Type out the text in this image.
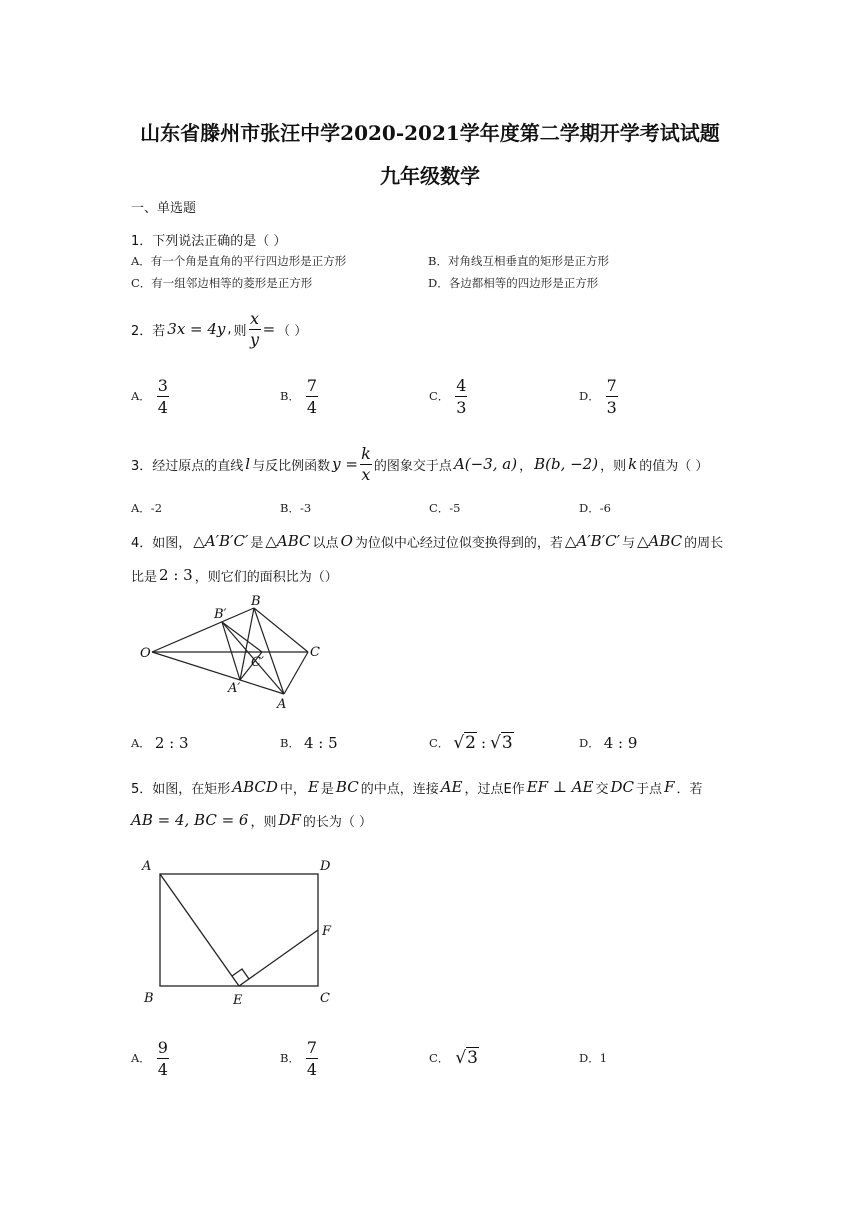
山东省滕州市张汪中学2020-2021学年度第二学期开学考试试题
九年级数学
一、单选题
1．下列说法正确的是（ ）
A．有一个角是直角的平行四边形是正方形	B．对角线互相垂直的矩形是正方形
C．有一组邻边相等的菱形是正方形	D．各边都相等的四边形是正方形
2．若 3x = 4y , 则 $\frac{x}{y}$ = （ ）
A．
3
4
B．
7
4
C．
4
3
D．
7
3
3．经过原点的直线 l 与反比例函数 $y = \frac{k}{x}$ 的图象交于点 A(−3, a) ， B(b, −2) ，则 k 的值为（ ）
A．-2	B．-3	C．-5	D．-6
4．如图， △A′B′C′ 是 △ABC 以点 O 为位似中心经过位似变换得到的，若 △A′B′C′ 与 △ABC 的周长
比是 2 : 3 ，则它们的面积比为（）
O
B′
B
C′
C
A′
A
A． 2 : 3	B． 4 : 5	C． √2 : √3	D． 4 : 9
5．如图，在矩形 ABCD 中， E 是 BC 的中点，连接 AE ，过点E作 EF ⊥ AE 交 DC 于点 F ．若
AB = 4, BC = 6 ，则 DF 的长为（ ）
A	D
F
B	E	C
A．
9
4
B．
7
4
C． √3	D．1
